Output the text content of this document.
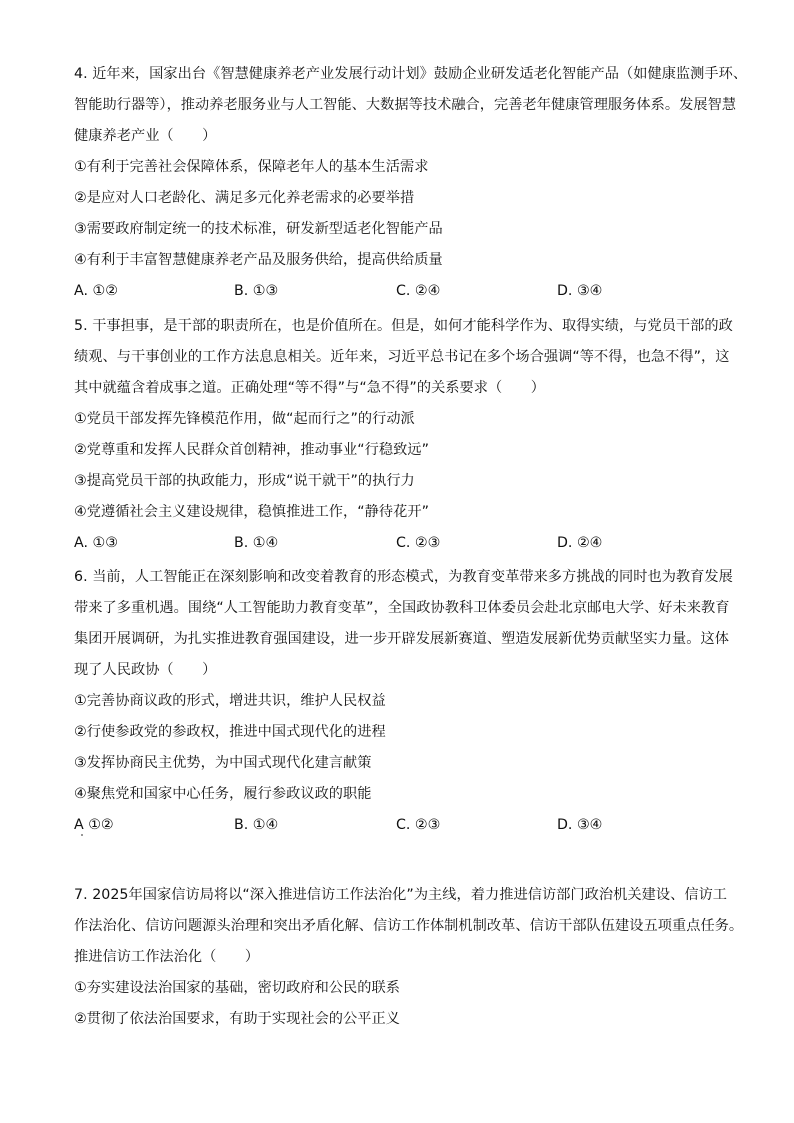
4. 近年来，国家出台《智慧健康养老产业发展行动计划》鼓励企业研发适老化智能产品（如健康监测手环、
智能助行器等），推动养老服务业与人工智能、大数据等技术融合，完善老年健康管理服务体系。发展智慧
健康养老产业（　　）
①有利于完善社会保障体系，保障老年人的基本生活需求
②是应对人口老龄化、满足多元化养老需求的必要举措
③需要政府制定统一的技术标准，研发新型适老化智能产品
④有利于丰富智慧健康养老产品及服务供给，提高供给质量
A. ①②	B. ①③	C. ②④	D. ③④
5. 干事担事，是干部的职责所在，也是价值所在。但是，如何才能科学作为、取得实绩，与党员干部的政
绩观、与干事创业的工作方法息息相关。近年来，习近平总书记在多个场合强调“等不得，也急不得”，这
其中就蕴含着成事之道。正确处理“等不得”与“急不得”的关系要求（　　）
①党员干部发挥先锋模范作用，做“起而行之”的行动派
②党尊重和发挥人民群众首创精神，推动事业“行稳致远”
③提高党员干部的执政能力，形成“说干就干”的执行力
④党遵循社会主义建设规律，稳慎推进工作，“静待花开”
A. ①③	B. ①④	C. ②③	D. ②④
6. 当前，人工智能正在深刻影响和改变着教育的形态模式，为教育变革带来多方挑战的同时也为教育发展
带来了多重机遇。围绕“人工智能助力教育变革”，全国政协教科卫体委员会赴北京邮电大学、好未来教育
集团开展调研，为扎实推进教育强国建设，进一步开辟发展新赛道、塑造发展新优势贡献坚实力量。这体
现了人民政协（　　）
①完善协商议政的形式，增进共识，维护人民权益
②行使参政党的参政权，推进中国式现代化的进程
③发挥协商民主优势，为中国式现代化建言献策
④聚焦党和国家中心任务，履行参政议政的职能
A ①②	B. ①④	C. ②③	D. ③④
7. 2025年国家信访局将以“深入推进信访工作法治化”为主线，着力推进信访部门政治机关建设、信访工
作法治化、信访问题源头治理和突出矛盾化解、信访工作体制机制改革、信访干部队伍建设五项重点任务。
推进信访工作法治化（　　）
①夯实建设法治国家的基础，密切政府和公民的联系
②贯彻了依法治国要求，有助于实现社会的公平正义
